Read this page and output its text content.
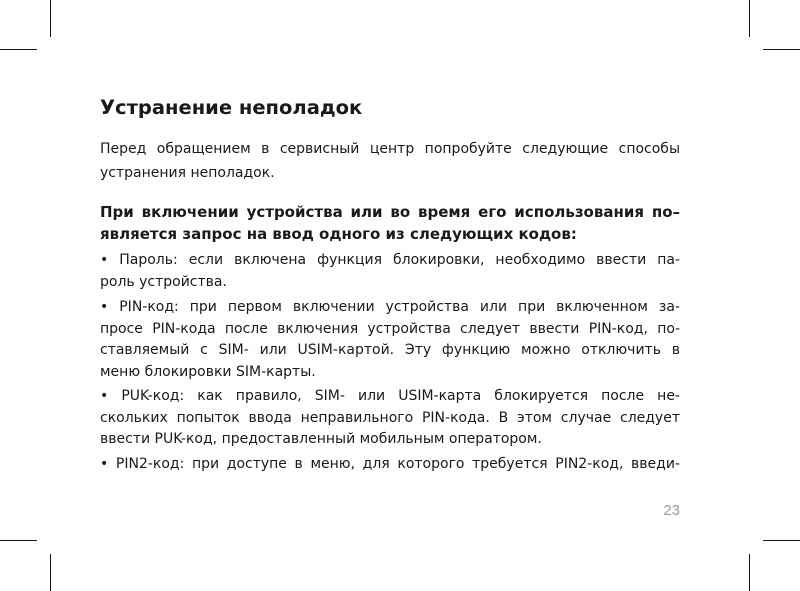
Устранение неполадок
Перед обращением в сервисный центр попробуйте следующие способы
устранения неполадок.
При включении устройства или во время его использования по–
является запрос на ввод одного из следующих кодов:
• Пароль: если включена функция блокировки, необходимо ввести па-
роль устройства.
• PIN-код: при первом включении устройства или при включенном за-
просе PIN-кода после включения устройства следует ввести PIN-код, по-
ставляемый с SIM- или USIM-картой. Эту функцию можно отключить в
меню блокировки SIM-карты.
• PUK-код: как правило, SIM- или USIM-карта блокируется после не-
скольких попыток ввода неправильного PIN-кода. В этом случае следует
ввести PUK-код, предоставленный мобильным оператором.
• PIN2-код: при доступе в меню, для которого требуется PIN2-код, введи-
23
